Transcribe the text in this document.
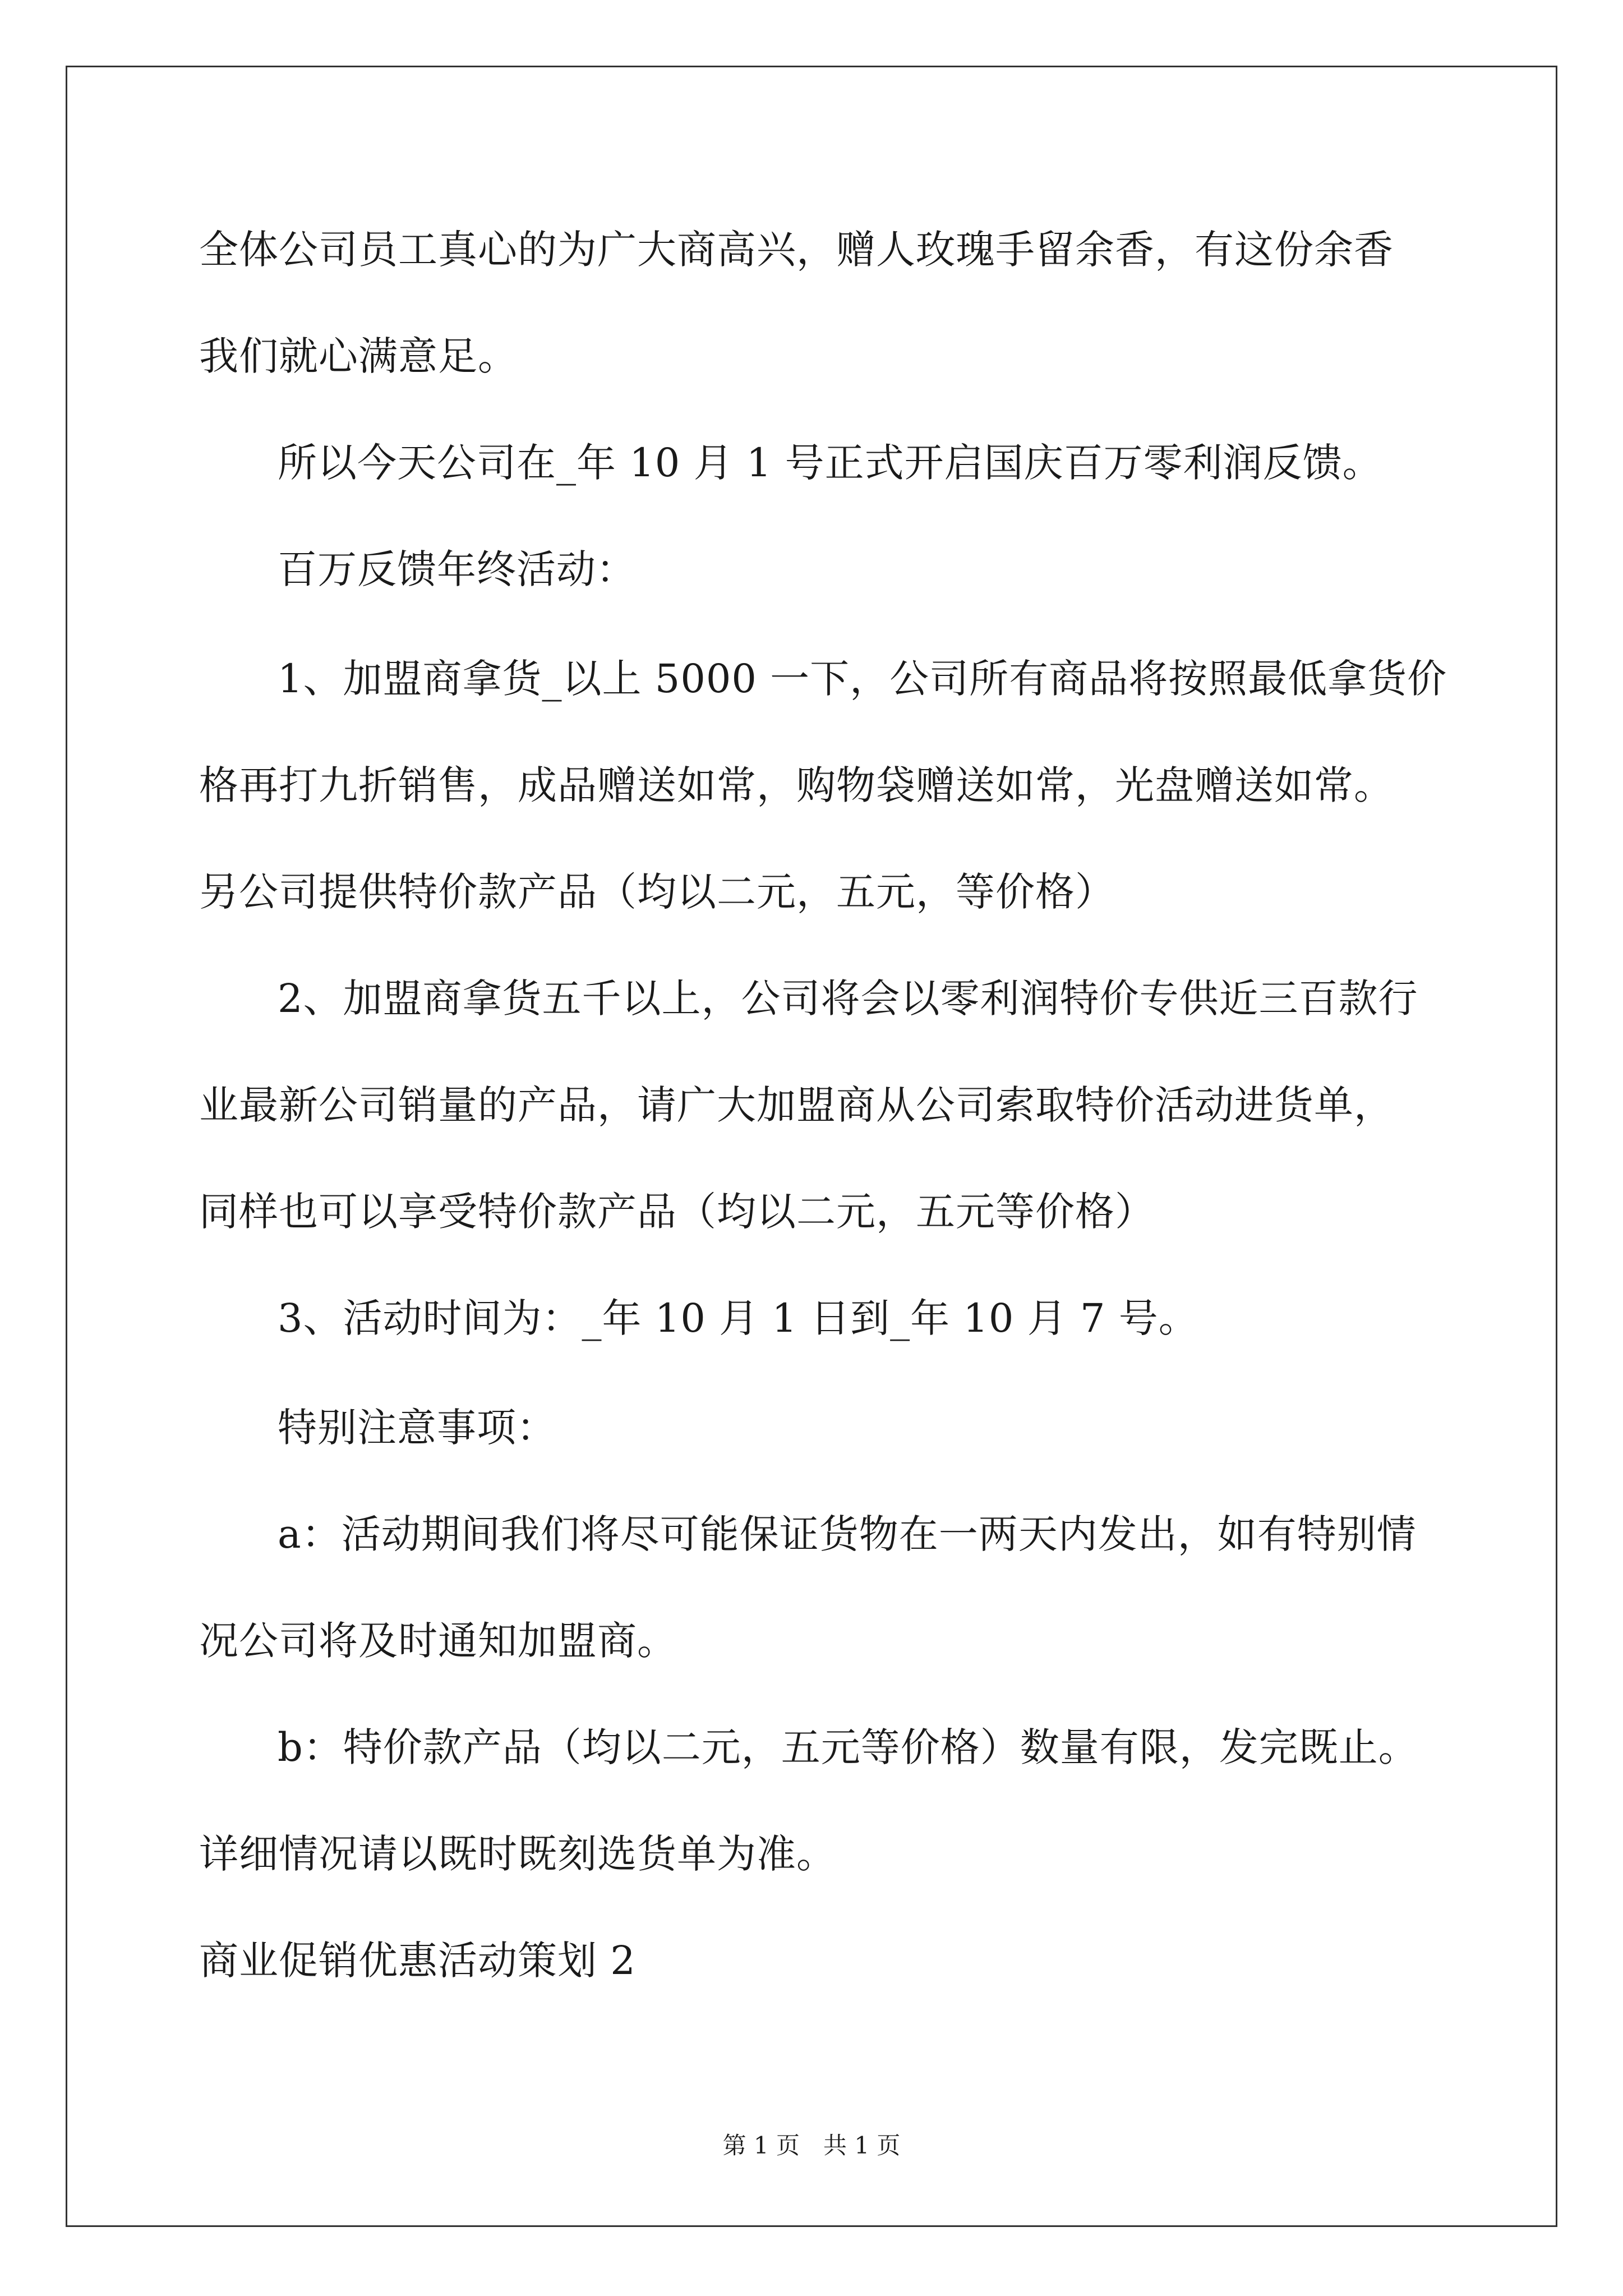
全体公司员工真心的为广大商高兴，赠人玫瑰手留余香，有这份余香
我们就心满意足。
所以今天公司在_年 10 月 1 号正式开启国庆百万零利润反馈。
百万反馈年终活动：
1、加盟商拿货_以上 5000 一下，公司所有商品将按照最低拿货价
格再打九折销售，成品赠送如常，购物袋赠送如常，光盘赠送如常。
另公司提供特价款产品（均以二元，五元，等价格）
2、加盟商拿货五千以上，公司将会以零利润特价专供近三百款行
业最新公司销量的产品，请广大加盟商从公司索取特价活动进货单，
同样也可以享受特价款产品（均以二元，五元等价格）
3、活动时间为：_年 10 月 1 日到_年 10 月 7 号。
特别注意事项：
a：活动期间我们将尽可能保证货物在一两天内发出，如有特别情
况公司将及时通知加盟商。
b：特价款产品（均以二元，五元等价格）数量有限，发完既止。
详细情况请以既时既刻选货单为准。
商业促销优惠活动策划 2
第 1 页　共 1 页
